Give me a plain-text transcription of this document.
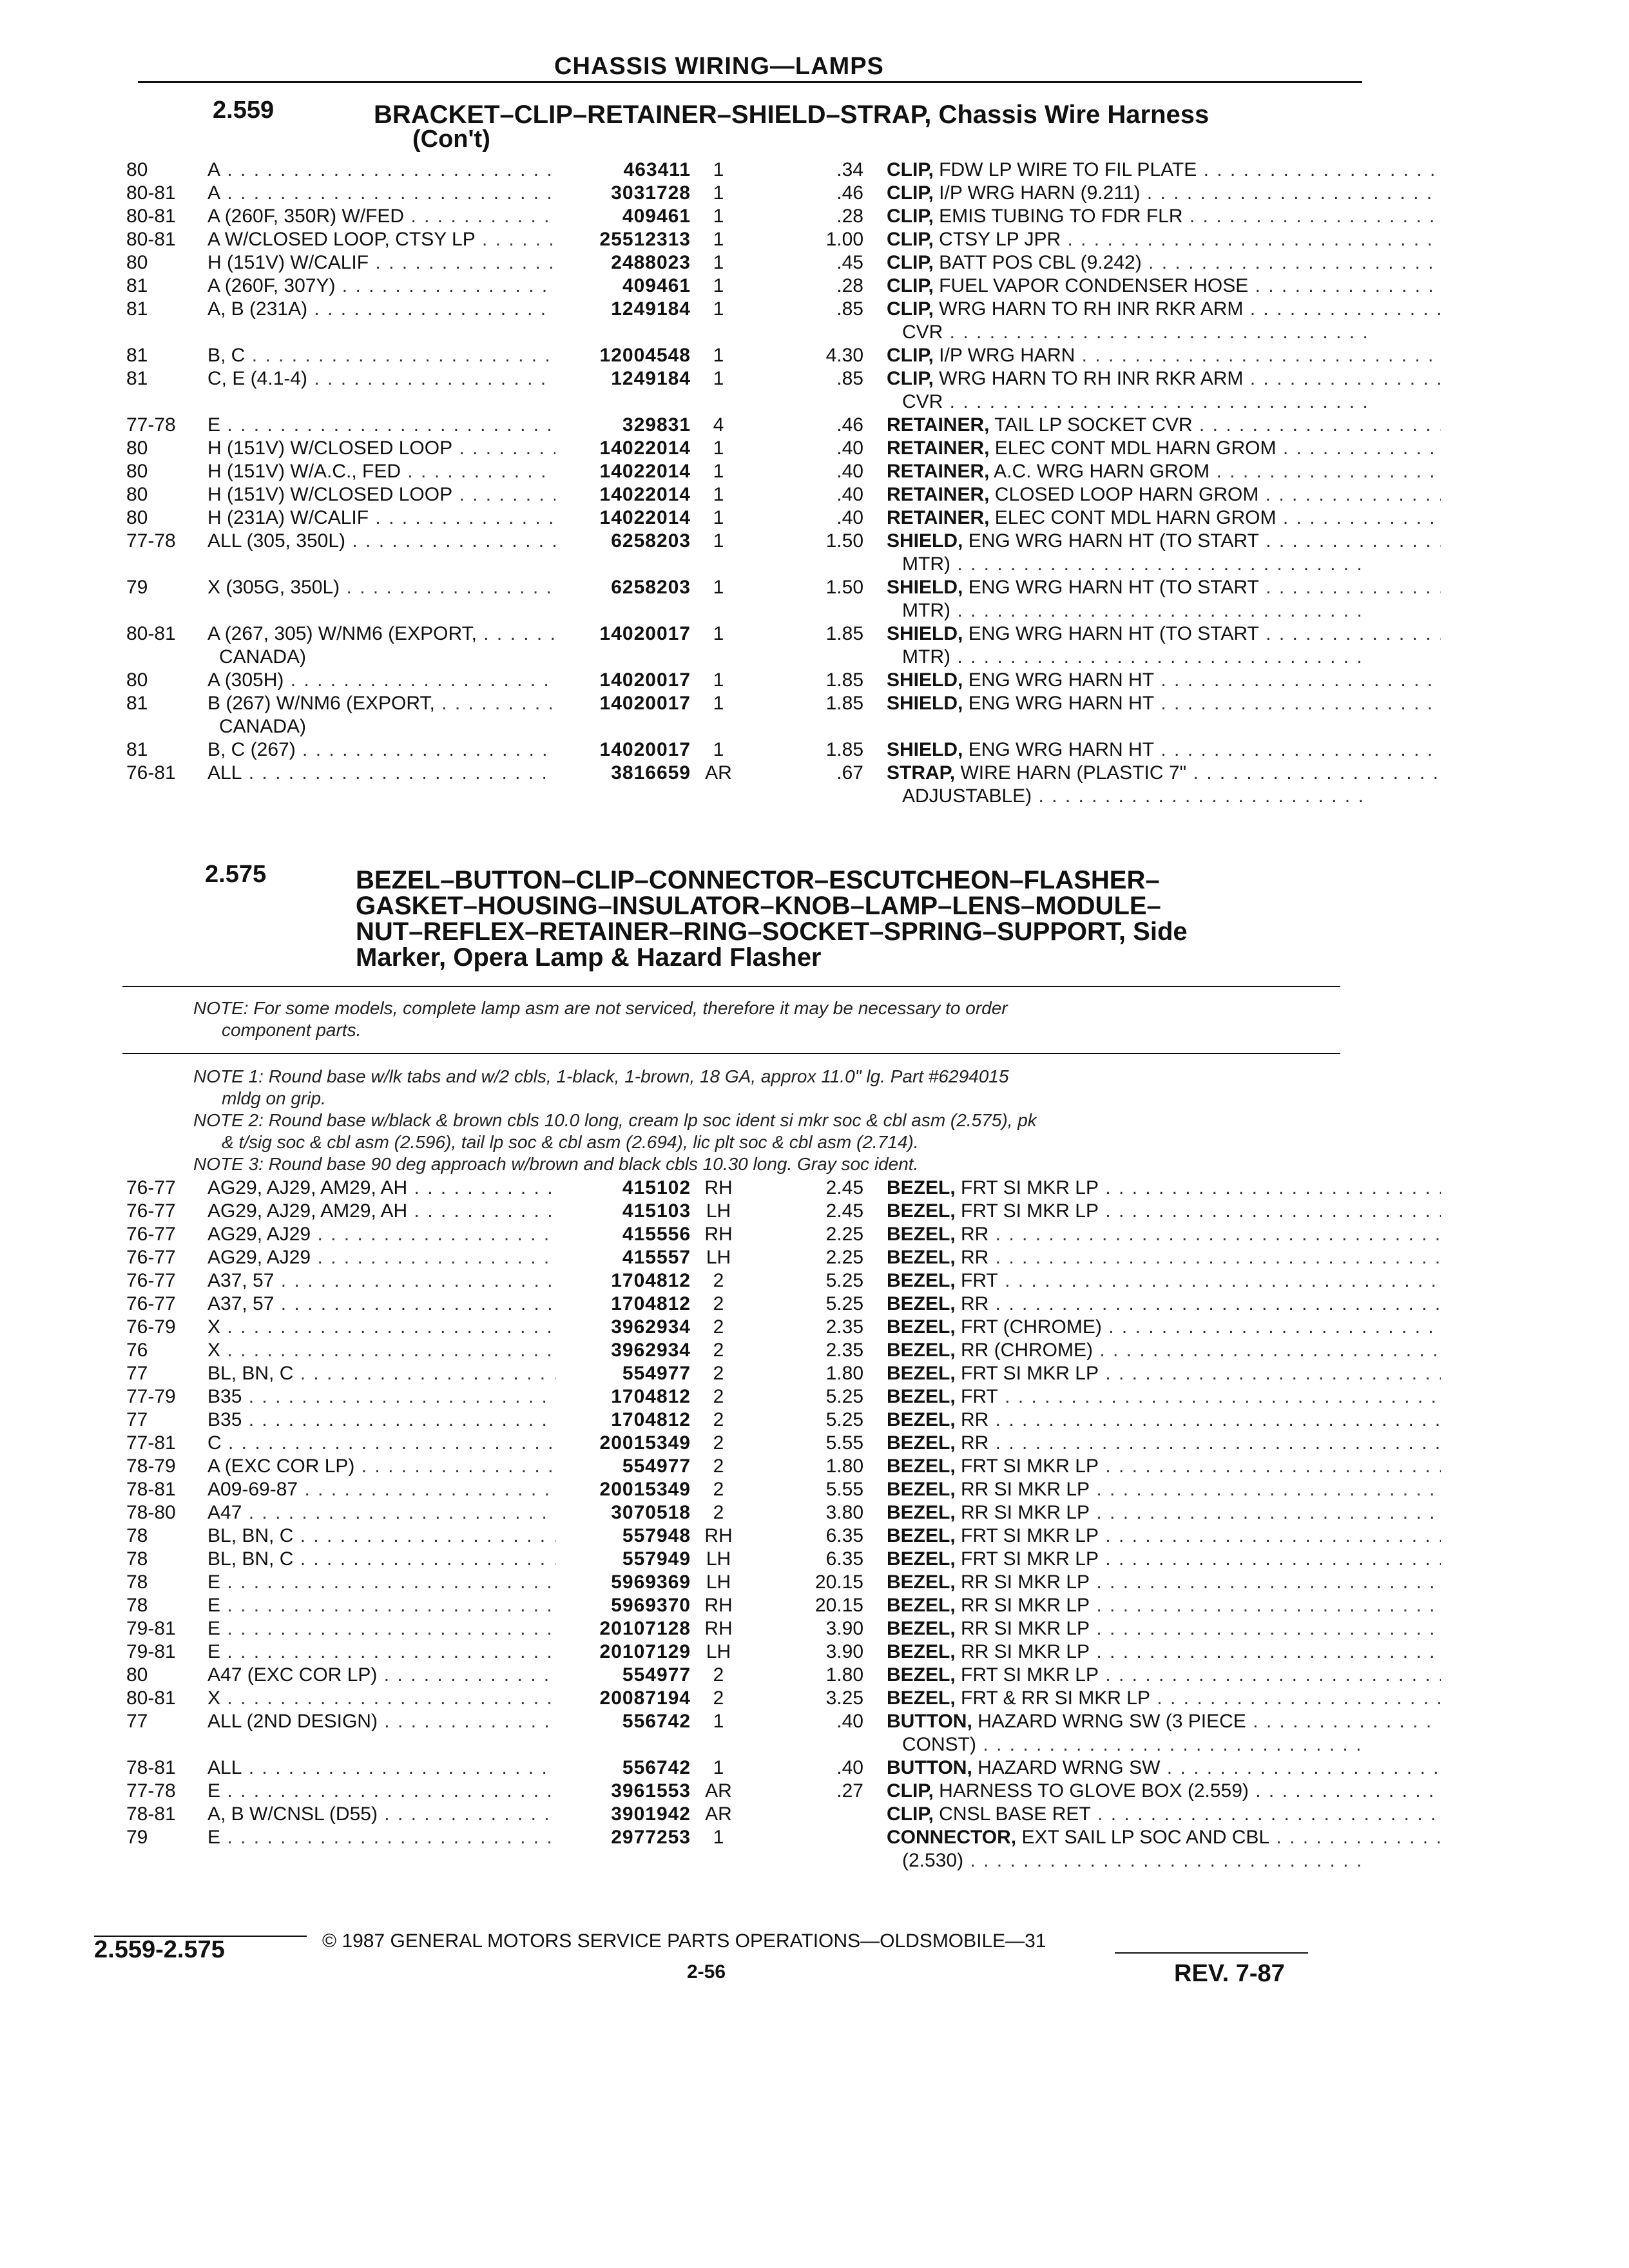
CHASSIS WIRING—LAMPS
2.559	BRACKET–CLIP–RETAINER–SHIELD–STRAP, Chassis Wire Harness
(Con't)
80	A . . .	463411	1	.34 CLIP, FDW LP WIRE TO FIL PLATE . . .
80-81	A . . .	3031728	1	.46 CLIP, I/P WRG HARN (9.211) . . .
80-81	A (260F, 350R) W/FED . . .	409461	1	.28 CLIP, EMIS TUBING TO FDR FLR . . .
80-81	A W/CLOSED LOOP, CTSY LP . . .	25512313	1	1.00 CLIP, CTSY LP JPR . . .
80	H (151V) W/CALIF . . .	2488023	1	.45 CLIP, BATT POS CBL (9.242) . . .
81	A (260F, 307Y) . . .	409461	1	.28 CLIP, FUEL VAPOR CONDENSER HOSE . . .
81	A, B (231A) . . .	1249184	1	.85 CLIP, WRG HARN TO RH INR RKR ARM . . .
CVR . . .
81	B, C . . .	12004548	1	4.30 CLIP, I/P WRG HARN . . .
81	C, E (4.1-4) . . .	1249184	1	.85 CLIP, WRG HARN TO RH INR RKR ARM . . .
CVR . . .
77-78	E . . .	329831	4	.46 RETAINER, TAIL LP SOCKET CVR . . .
80	H (151V) W/CLOSED LOOP . . .	14022014	1	.40 RETAINER, ELEC CONT MDL HARN GROM . . .
80	H (151V) W/A.C., FED . . .	14022014	1	.40 RETAINER, A.C. WRG HARN GROM . . .
80	H (151V) W/CLOSED LOOP . . .	14022014	1	.40 RETAINER, CLOSED LOOP HARN GROM . . .
80	H (231A) W/CALIF . . .	14022014	1	.40 RETAINER, ELEC CONT MDL HARN GROM . . .
77-78	ALL (305, 350L) . . .	6258203	1	1.50 SHIELD, ENG WRG HARN HT (TO START . . .
MTR) . . .
79	X (305G, 350L) . . .	6258203	1	1.50 SHIELD, ENG WRG HARN HT (TO START . . .
MTR) . . .
80-81	A (267, 305) W/NM6 (EXPORT, . . .	14020017	1	1.85 SHIELD, ENG WRG HARN HT (TO START . . .
CANADA)	MTR) . . .
80	A (305H) . . .	14020017	1	1.85 SHIELD, ENG WRG HARN HT . . .
81	B (267) W/NM6 (EXPORT, . . .	14020017	1	1.85 SHIELD, ENG WRG HARN HT . . .
CANADA)
81	B, C (267) . . .	14020017	1	1.85 SHIELD, ENG WRG HARN HT . . .
76-81	ALL . . .	3816659 AR	.67 STRAP, WIRE HARN (PLASTIC 7" . . .
ADJUSTABLE) . . .
2.575	BEZEL–BUTTON–CLIP–CONNECTOR–ESCUTCHEON–FLASHER–
GASKET–HOUSING–INSULATOR–KNOB–LAMP–LENS–MODULE–
NUT–REFLEX–RETAINER–RING–SOCKET–SPRING–SUPPORT, Side
Marker, Opera Lamp & Hazard Flasher
NOTE: For some models, complete lamp asm are not serviced, therefore it may be necessary to order
component parts.
NOTE 1: Round base w/lk tabs and w/2 cbls, 1-black, 1-brown, 18 GA, approx 11.0" lg. Part #6294015
mldg on grip.
NOTE 2: Round base w/black & brown cbls 10.0 long, cream lp soc ident si mkr soc & cbl asm (2.575), pk
& t/sig soc & cbl asm (2.596), tail lp soc & cbl asm (2.694), lic plt soc & cbl asm (2.714).
NOTE 3: Round base 90 deg approach w/brown and black cbls 10.30 long. Gray soc ident.
76-77	AG29, AJ29, AM29, AH . . .	415102 RH	2.45 BEZEL, FRT SI MKR LP . . .
76-77	AG29, AJ29, AM29, AH . . .	415103 LH	2.45 BEZEL, FRT SI MKR LP . . .
76-77	AG29, AJ29 . . .	415556 RH	2.25 BEZEL, RR . . .
76-77	AG29, AJ29 . . .	415557 LH	2.25 BEZEL, RR . . .
76-77	A37, 57 . . .	1704812	2	5.25 BEZEL, FRT . . .
76-77	A37, 57 . . .	1704812	2	5.25 BEZEL, RR . . .
76-79	X . . .	3962934	2	2.35 BEZEL, FRT (CHROME) . . .
76	X . . .	3962934	2	2.35 BEZEL, RR (CHROME) . . .
77	BL, BN, C . . .	554977	2	1.80 BEZEL, FRT SI MKR LP . . .
77-79	B35 . . .	1704812	2	5.25 BEZEL, FRT . . .
77	B35 . . .	1704812	2	5.25 BEZEL, RR . . .
77-81	C . . .	20015349	2	5.55 BEZEL, RR . . .
78-79	A (EXC COR LP) . . .	554977	2	1.80 BEZEL, FRT SI MKR LP . . .
78-81	A09-69-87 . . .	20015349	2	5.55 BEZEL, RR SI MKR LP . . .
78-80	A47 . . .	3070518	2	3.80 BEZEL, RR SI MKR LP . . .
78	BL, BN, C . . .	557948 RH	6.35 BEZEL, FRT SI MKR LP . . .
78	BL, BN, C . . .	557949 LH	6.35 BEZEL, FRT SI MKR LP . . .
78	E . . .	5969369 LH	20.15 BEZEL, RR SI MKR LP . . .
78	E . . .	5969370 RH	20.15 BEZEL, RR SI MKR LP . . .
79-81	E . . .	20107128 RH	3.90 BEZEL, RR SI MKR LP . . .
79-81	E . . .	20107129 LH	3.90 BEZEL, RR SI MKR LP . . .
80	A47 (EXC COR LP) . . .	554977	2	1.80 BEZEL, FRT SI MKR LP . . .
80-81	X . . .	20087194	2	3.25 BEZEL, FRT & RR SI MKR LP . . .
77	ALL (2ND DESIGN) . . .	556742	1	.40 BUTTON, HAZARD WRNG SW (3 PIECE . . .
CONST) . . .
78-81	ALL . . .	556742	1	.40 BUTTON, HAZARD WRNG SW . . .
77-78	E . . .	3961553 AR	.27 CLIP, HARNESS TO GLOVE BOX (2.559) . . .
78-81	A, B W/CNSL (D55) . . .	3901942 AR	CLIP, CNSL BASE RET . . .
79	E . . .	2977253	1	CONNECTOR, EXT SAIL LP SOC AND CBL . . .
(2.530) . . .
2.559-2.575	© 1987 GENERAL MOTORS SERVICE PARTS OPERATIONS—OLDSMOBILE—31
2-56	REV. 7-87
